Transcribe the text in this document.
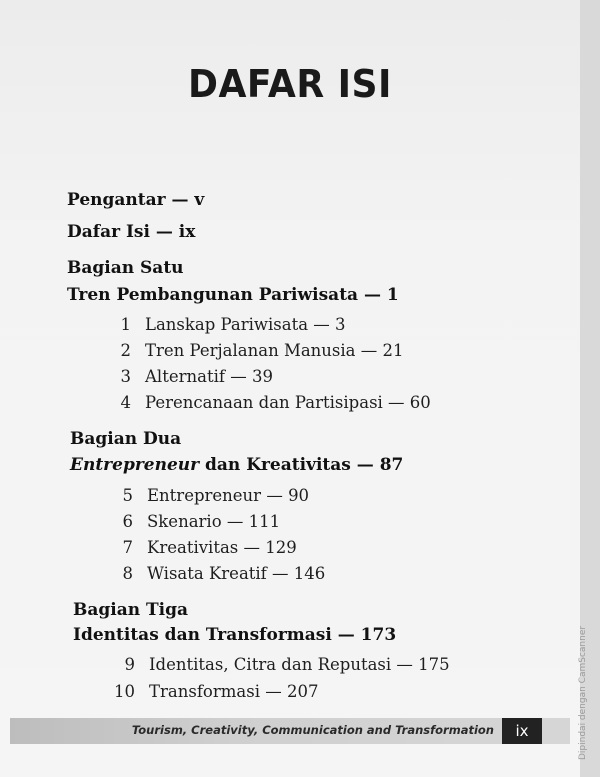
DAFAR ISI
Pengantar — v
Dafar Isi — ix
Bagian Satu
Tren Pembangunan Pariwisata — 1
1 Lanskap Pariwisata — 3
2 Tren Perjalanan Manusia — 21
3 Alternatif — 39
4 Perencanaan dan Partisipasi — 60
Bagian Dua
Entrepreneur dan Kreativitas — 87
5 Entrepreneur — 90
6 Skenario — 111
7 Kreativitas — 129
8 Wisata Kreatif — 146
Bagian Tiga
Identitas dan Transformasi — 173
9 Identitas, Citra dan Reputasi — 175
10 Transformasi — 207
Tourism, Creativity, Communication and Transformation	ix	Dipindai dengan CamScanner
